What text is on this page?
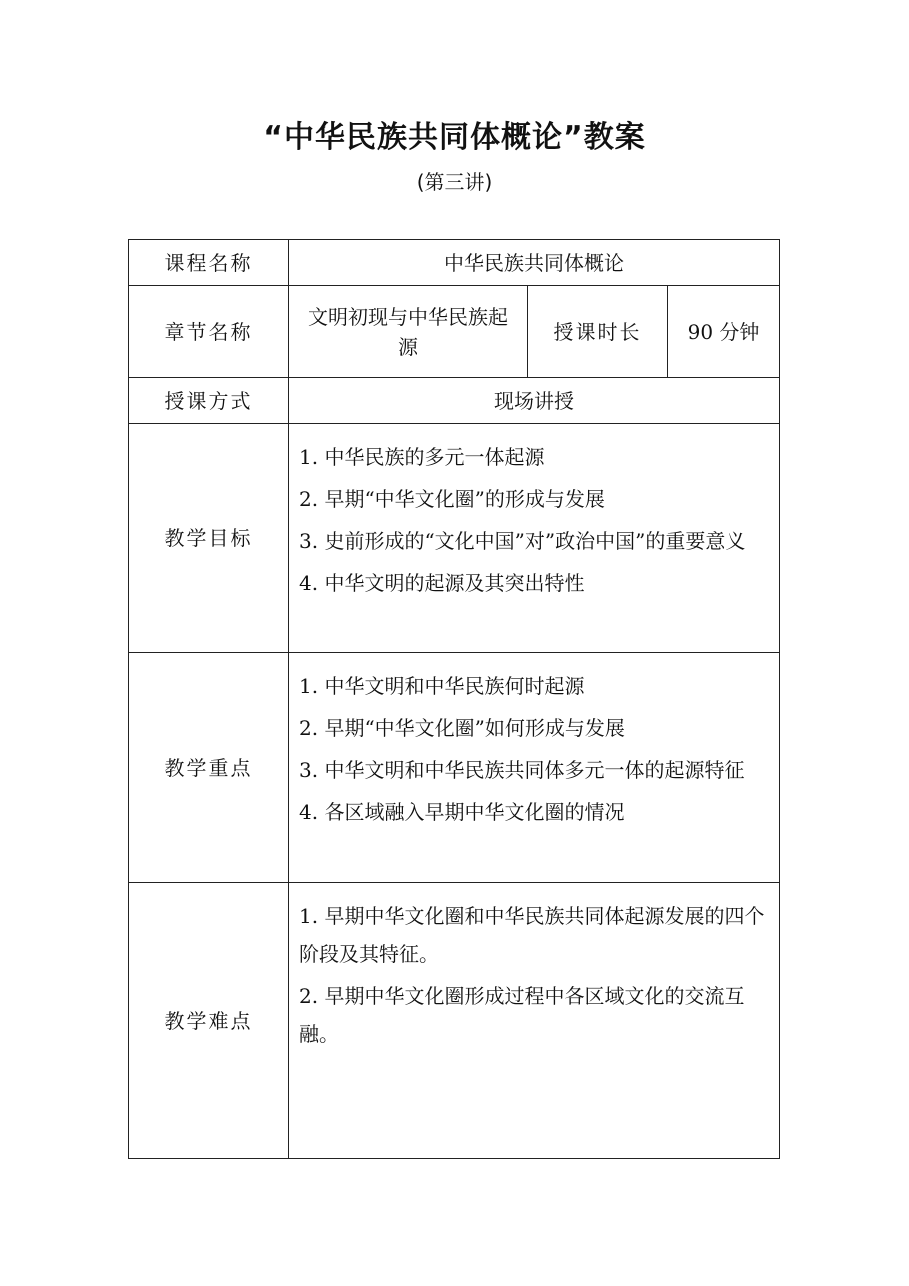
“中华民族共同体概论”教案
(第三讲)
课程名称	中华民族共同体概论		
章节名称	文明初现与中华民族起源	授课时长	90 分钟
授课方式	现场讲授		
教学目标	1. 中华民族的多元一体起源
2. 早期“中华文化圈”的形成与发展
3. 史前形成的“文化中国”对”政治中国”的重要意义
4. 中华文明的起源及其突出特性		

教学重点	1. 中华文明和中华民族何时起源
2. 早期“中华文化圈”如何形成与发展
3. 中华文明和中华民族共同体多元一体的起源特征
4. 各区域融入早期中华文化圈的情况		

教学难点	1. 早期中华文化圈和中华民族共同体起源发展的四个阶段及其特征。
2. 早期中华文化圈形成过程中各区域文化的交流互融。		
